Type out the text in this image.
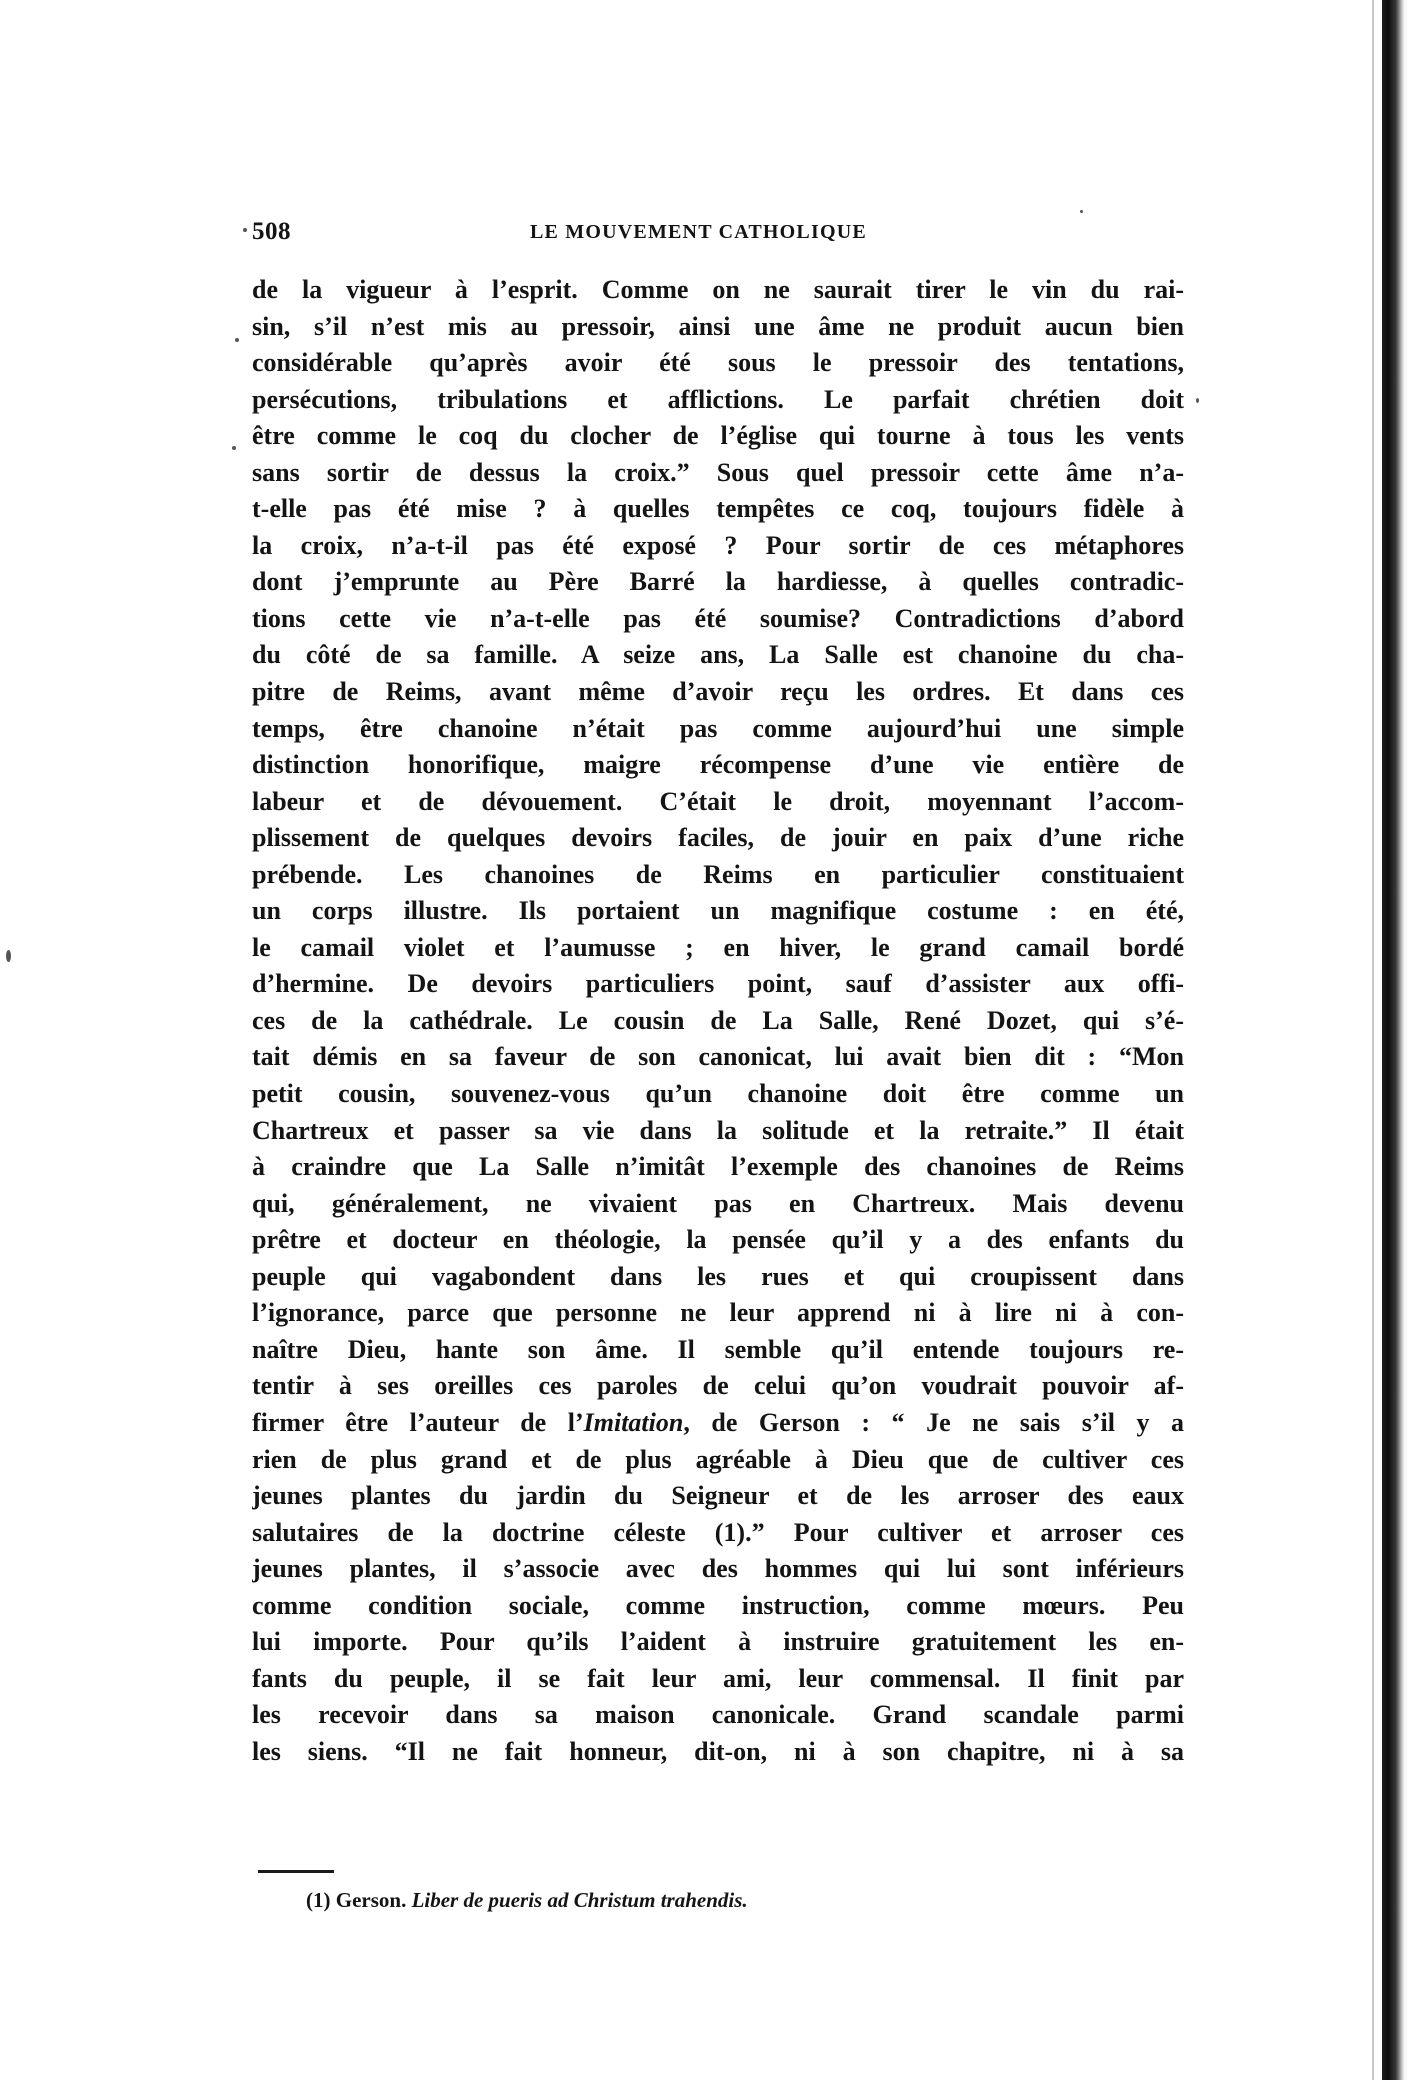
508	LE MOUVEMENT CATHOLIQUE
de la vigueur à l’esprit. Comme on ne saurait tirer le vin du rai-
sin, s’il n’est mis au pressoir, ainsi une âme ne produit aucun bien
considérable qu’après avoir été sous le pressoir des tentations,
persécutions, tribulations et afflictions. Le parfait chrétien doit
être comme le coq du clocher de l’église qui tourne à tous les vents
sans sortir de dessus la croix.” Sous quel pressoir cette âme n’a-
t-elle pas été mise ? à quelles tempêtes ce coq, toujours fidèle à
la croix, n’a-t-il pas été exposé ? Pour sortir de ces métaphores
dont j’emprunte au Père Barré la hardiesse, à quelles contradic-
tions cette vie n’a-t-elle pas été soumise? Contradictions d’abord
du côté de sa famille. A seize ans, La Salle est chanoine du cha-
pitre de Reims, avant même d’avoir reçu les ordres. Et dans ces
temps, être chanoine n’était pas comme aujourd’hui une simple
distinction honorifique, maigre récompense d’une vie entière de
labeur et de dévouement. C’était le droit, moyennant l’accom-
plissement de quelques devoirs faciles, de jouir en paix d’une riche
prébende. Les chanoines de Reims en particulier constituaient
un corps illustre. Ils portaient un magnifique costume : en été,
le camail violet et l’aumusse ; en hiver, le grand camail bordé
d’hermine. De devoirs particuliers point, sauf d’assister aux offi-
ces de la cathédrale. Le cousin de La Salle, René Dozet, qui s’é-
tait démis en sa faveur de son canonicat, lui avait bien dit : “Mon
petit cousin, souvenez-vous qu’un chanoine doit être comme un
Chartreux et passer sa vie dans la solitude et la retraite.” Il était
à craindre que La Salle n’imitât l’exemple des chanoines de Reims
qui, généralement, ne vivaient pas en Chartreux. Mais devenu
prêtre et docteur en théologie, la pensée qu’il y a des enfants du
peuple qui vagabondent dans les rues et qui croupissent dans
l’ignorance, parce que personne ne leur apprend ni à lire ni à con-
naître Dieu, hante son âme. Il semble qu’il entende toujours re-
tentir à ses oreilles ces paroles de celui qu’on voudrait pouvoir af-
firmer être l’auteur de l’Imitation, de Gerson : “ Je ne sais s’il y a
rien de plus grand et de plus agréable à Dieu que de cultiver ces
jeunes plantes du jardin du Seigneur et de les arroser des eaux
salutaires de la doctrine céleste (1).” Pour cultiver et arroser ces
jeunes plantes, il s’associe avec des hommes qui lui sont inférieurs
comme condition sociale, comme instruction, comme mœurs. Peu
lui importe. Pour qu’ils l’aident à instruire gratuitement les en-
fants du peuple, il se fait leur ami, leur commensal. Il finit par
les recevoir dans sa maison canonicale. Grand scandale parmi
les siens. “Il ne fait honneur, dit-on, ni à son chapitre, ni à sa
(1) Gerson. Liber de pueris ad Christum trahendis.
